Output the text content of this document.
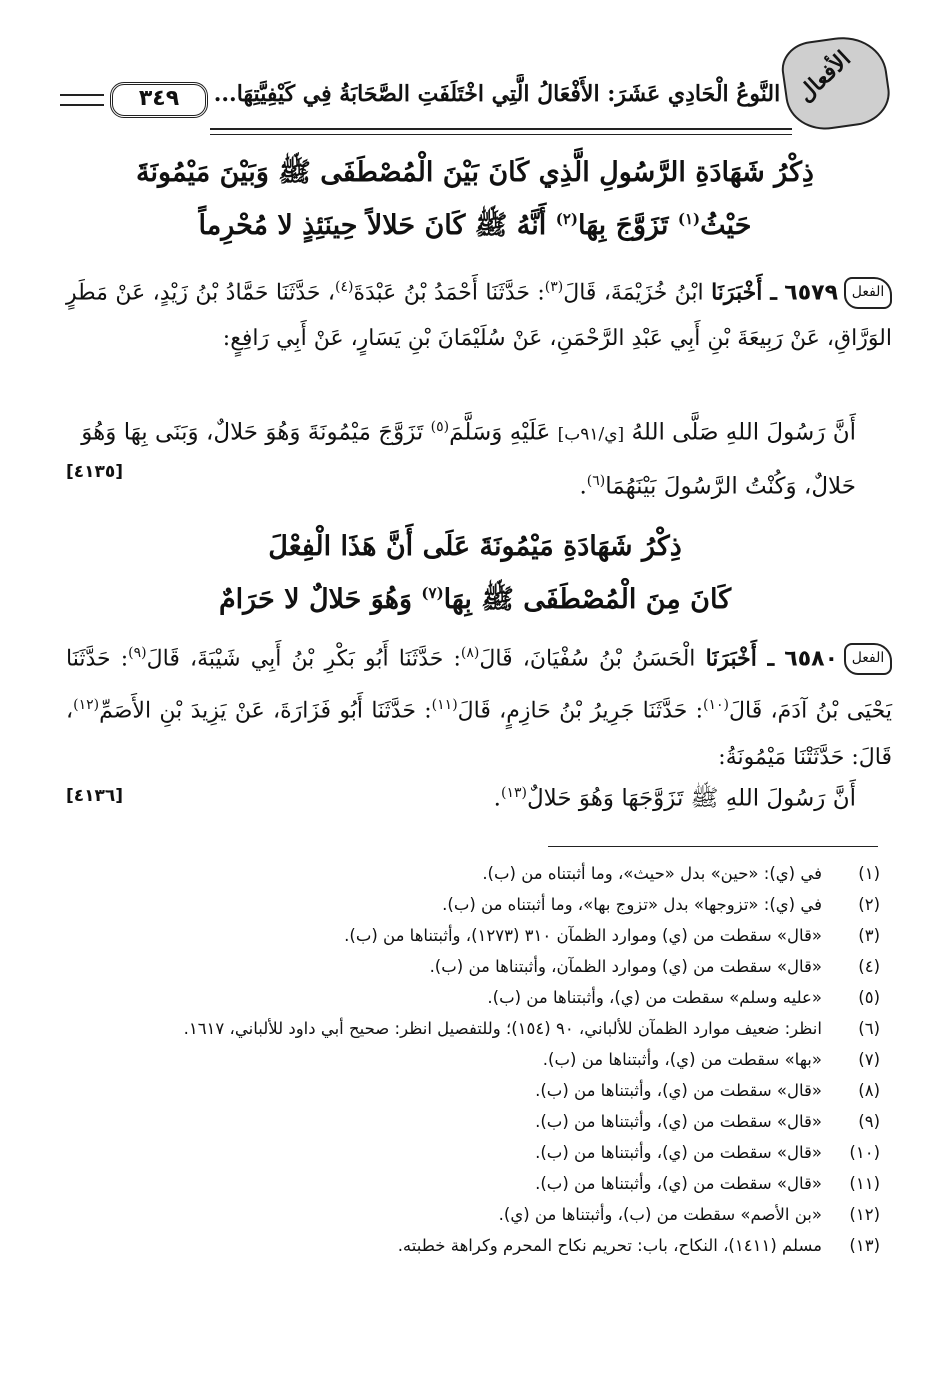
٣٤٩	النَّوعُ الْحَادِي عَشَرَ: الأَفْعَالُ الَّتِي اخْتَلَفَتِ الصَّحَابَةُ فِي كَيْفِيَّتِهَا... الأفعال
ذِكْرُ شَهَادَةِ الرَّسُولِ الَّذِي كَانَ بَيْنَ الْمُصْطَفَى ﷺ وَبَيْنَ مَيْمُونَةَ
حَيْثُ$^{(١)}$ تَزَوَّجَ بِهَا$^{(٢)}$ أَنَّهُ ﷺ كَانَ حَلالاً حِينَئِذٍ لا مُحْرِماً

الفعل٦٥٧٩ ـ أَخْبَرَنَا ابْنُ خُزَيْمَةَ، قَالَ$^{(٣)}$: حَدَّثَنَا أَحْمَدُ بْنُ عَبْدَةَ$^{(٤)}$، حَدَّثَنَا حَمَّادُ بْنُ زَيْدٍ، عَنْ مَطَرٍ الوَرَّاقِ، عَنْ رَبِيعَةَ بْنِ أَبِي عَبْدِ الرَّحْمَنِ، عَنْ سُلَيْمَانَ بْنِ يَسَارٍ، عَنْ أَبِي رَافِعٍ:

أَنَّ رَسُولَ اللهِ صَلَّى اللهُ [ي/٩١ب] عَلَيْهِ وَسَلَّمَ$^{(٥)}$ تَزَوَّجَ مَيْمُونَةَ وَهُوَ حَلالٌ، وَبَنَى بِهَا وَهُوَ حَلالٌ، وَكُنْتُ الرَّسُولَ بَيْنَهُمَا$^{(٦)}$.
[٤١٣٥]
ذِكْرُ شَهَادَةِ مَيْمُونَةَ عَلَى أَنَّ هَذَا الْفِعْلَ
كَانَ مِنَ الْمُصْطَفَى ﷺ بِهَا$^{(٧)}$ وَهُوَ حَلالٌ لا حَرَامٌ

الفعل٦٥٨٠ ـ أَخْبَرَنَا الْحَسَنُ بْنُ سُفْيَانَ، قَالَ$^{(٨)}$: حَدَّثَنَا أَبُو بَكْرِ بْنُ أَبِي شَيْبَةَ، قَالَ$^{(٩)}$: حَدَّثَنَا يَحْيَى بْنُ آدَمَ، قَالَ$^{(١٠)}$: حَدَّثَنَا جَرِيرُ بْنُ حَازِمٍ، قَالَ$^{(١١)}$: حَدَّثَنَا أَبُو فَزَارَةَ، عَنْ يَزِيدَ بْنِ الأَصَمِّ$^{(١٢)}$، قَالَ: حَدَّثَتْنَا مَيْمُونَةُ:

أَنَّ رَسُولَ اللهِ ﷺ تَزَوَّجَهَا وَهُوَ حَلالٌ$^{(١٣)}$.
[٤١٣٦]
(١)
في (ي): «حين» بدل «حيث»، وما أثبتناه من (ب).
(٢)
في (ي): «تزوجها» بدل «تزوج بها»، وما أثبتناه من (ب).
(٣)
«قال» سقطت من (ي) وموارد الظمآن ٣١٠ (١٢٧٣)، وأثبتناها من (ب).
(٤)
«قال» سقطت من (ي) وموارد الظمآن، وأثبتناها من (ب).
(٥)
«عليه وسلم» سقطت من (ي)، وأثبتناها من (ب).
(٦)
انظر: ضعيف موارد الظمآن للألباني، ٩٠ (١٥٤)؛ وللتفصيل انظر: صحيح أبي داود للألباني، ١٦١٧.
(٧)
«بها» سقطت من (ي)، وأثبتناها من (ب).
(٨)
«قال» سقطت من (ي)، وأثبتناها من (ب).
(٩)
«قال» سقطت من (ي)، وأثبتناها من (ب).
(١٠)
«قال» سقطت من (ي)، وأثبتناها من (ب).
(١١)
«قال» سقطت من (ي)، وأثبتناها من (ب).
(١٢)
«بن الأصم» سقطت من (ب)، وأثبتناها من (ي).
(١٣)
مسلم (١٤١١)، النكاح، باب: تحريم نكاح المحرم وكراهة خطبته.
